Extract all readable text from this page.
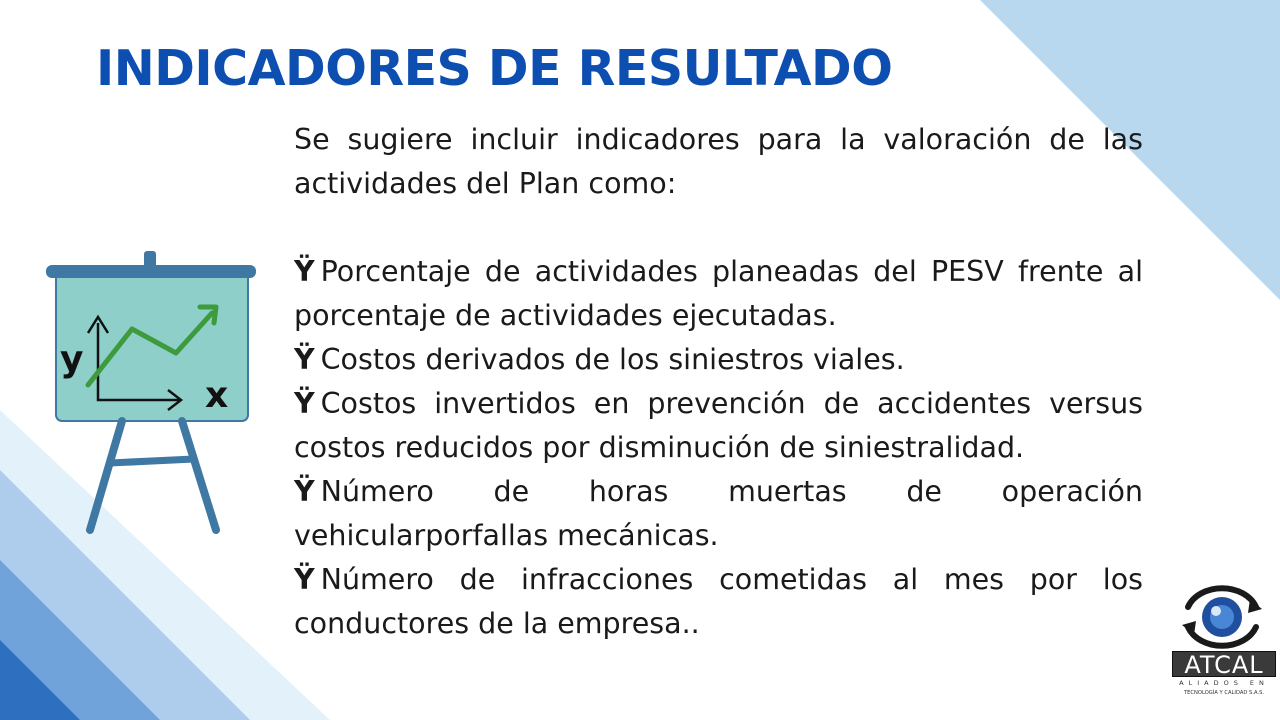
INDICADORES DE RESULTADO
y
x

Se sugiere incluir indicadores para la valoración de las actividades del Plan como:

Ÿ Porcentaje de actividades planeadas del PESV frente al porcentaje de actividades ejecutadas.

Ÿ Costos derivados de los siniestros viales.

Ÿ Costos invertidos en prevención de accidentes versus costos reducidos por disminución de siniestralidad.

Ÿ Número de horas muertas de operación vehicularporfallas mecánicas.

Ÿ Número de infracciones cometidas al mes por los conductores de la empresa..

ATCAL
ALIADOS EN
TECNOLOGÍA Y CALIDAD S.A.S.
